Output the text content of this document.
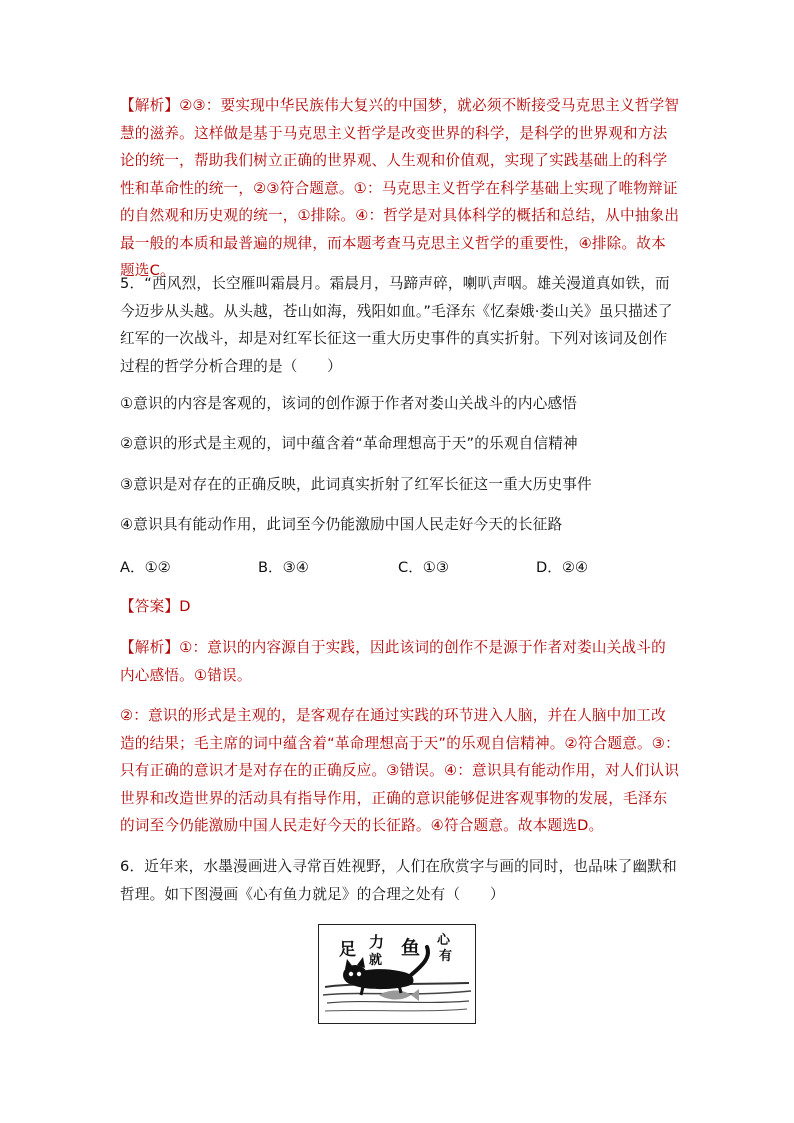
【解析】②③：要实现中华民族伟大复兴的中国梦，就必须不断接受马克思主义哲学智慧的滋养。这样做是基于马克思主义哲学是改变世界的科学，是科学的世界观和方法论的统一，帮助我们树立正确的世界观、人生观和价值观，实现了实践基础上的科学性和革命性的统一，②③符合题意。①：马克思主义哲学在科学基础上实现了唯物辩证的自然观和历史观的统一，①排除。④：哲学是对具体科学的概括和总结，从中抽象出最一般的本质和最普遍的规律，而本题考查马克思主义哲学的重要性，④排除。故本题选C。
5．“西风烈，长空雁叫霜晨月。霜晨月，马蹄声碎，喇叭声咽。雄关漫道真如铁，而今迈步从头越。从头越，苍山如海，残阳如血。”毛泽东《忆秦娥·娄山关》虽只描述了红军的一次战斗，却是对红军长征这一重大历史事件的真实折射。下列对该词及创作过程的哲学分析合理的是（　　）
①意识的内容是客观的，该词的创作源于作者对娄山关战斗的内心感悟
②意识的形式是主观的，词中蕴含着“革命理想高于天”的乐观自信精神
③意识是对存在的正确反映，此词真实折射了红军长征这一重大历史事件
④意识具有能动作用，此词至今仍能激励中国人民走好今天的长征路
A．①②	B．③④	C．①③	D．②④
【答案】D
【解析】①：意识的内容源自于实践，因此该词的创作不是源于作者对娄山关战斗的内心感悟。①错误。
②：意识的形式是主观的，是客观存在通过实践的环节进入人脑，并在人脑中加工改造的结果；毛主席的词中蕴含着“革命理想高于天”的乐观自信精神。②符合题意。③：只有正确的意识才是对存在的正确反应。③错误。④：意识具有能动作用，对人们认识世界和改造世界的活动具有指导作用，正确的意识能够促进客观事物的发展，毛泽东的词至今仍能激励中国人民走好今天的长征路。④符合题意。故本题选D。
6．近年来，水墨漫画进入寻常百姓视野，人们在欣赏字与画的同时，也品味了幽默和哲理。如下图漫画《心有鱼力就足》的合理之处有（　　）
足 力
就
鱼 心
有
